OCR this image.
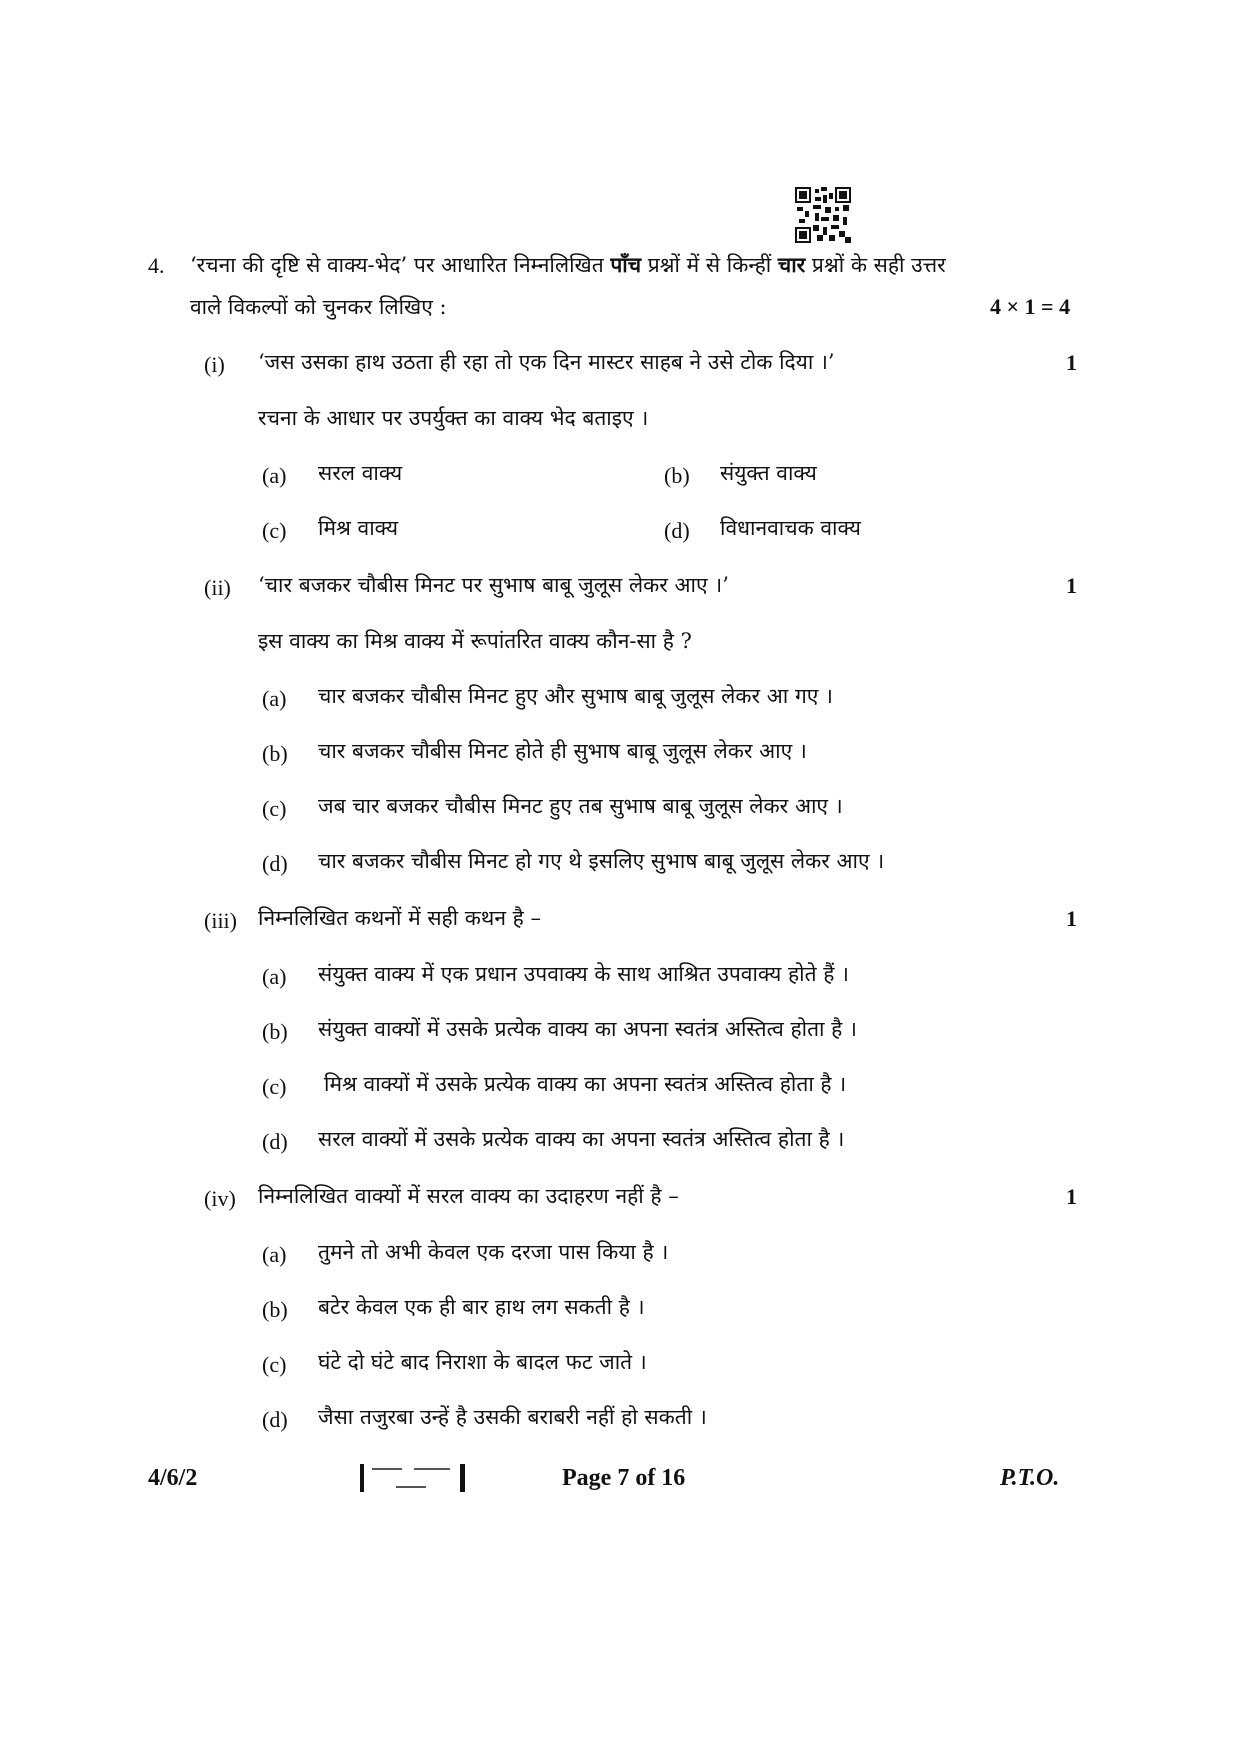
4. ‘रचना की दृष्टि से वाक्य-भेद’ पर आधारित निम्नलिखित पाँच प्रश्नों में से किन्हीं चार प्रश्नों के सही उत्तर
वाले विकल्पों को चुनकर लिखिए :	4 × 1 = 4
(i) ‘जस उसका हाथ उठता ही रहा तो एक दिन मास्टर साहब ने उसे टोक दिया ।’	1
रचना के आधार पर उपर्युक्त का वाक्य भेद बताइए ।
(a) सरल वाक्य	(b) संयुक्त वाक्य
(c) मिश्र वाक्य	(d) विधानवाचक वाक्य
(ii) ‘चार बजकर चौबीस मिनट पर सुभाष बाबू जुलूस लेकर आए ।’	1
इस वाक्य का मिश्र वाक्य में रूपांतरित वाक्य कौन-सा है ?
(a) चार बजकर चौबीस मिनट हुए और सुभाष बाबू जुलूस लेकर आ गए ।
(b) चार बजकर चौबीस मिनट होते ही सुभाष बाबू जुलूस लेकर आए ।
(c) जब चार बजकर चौबीस मिनट हुए तब सुभाष बाबू जुलूस लेकर आए ।
(d) चार बजकर चौबीस मिनट हो गए थे इसलिए सुभाष बाबू जुलूस लेकर आए ।
(iii) निम्नलिखित कथनों में सही कथन है –	1
(a) संयुक्त वाक्य में एक प्रधान उपवाक्य के साथ आश्रित उपवाक्य होते हैं ।
(b) संयुक्त वाक्यों में उसके प्रत्येक वाक्य का अपना स्वतंत्र अस्तित्व होता है ।
(c) मिश्र वाक्यों में उसके प्रत्येक वाक्य का अपना स्वतंत्र अस्तित्व होता है ।
(d) सरल वाक्यों में उसके प्रत्येक वाक्य का अपना स्वतंत्र अस्तित्व होता है ।
(iv) निम्नलिखित वाक्यों में सरल वाक्य का उदाहरण नहीं है –	1
(a) तुमने तो अभी केवल एक दरजा पास किया है ।
(b) बटेर केवल एक ही बार हाथ लग सकती है ।
(c) घंटे दो घंटे बाद निराशा के बादल फट जाते ।
(d) जैसा तजुरबा उन्हें है उसकी बराबरी नहीं हो सकती ।
4/6/2	Page 7 of 16	P.T.O.
